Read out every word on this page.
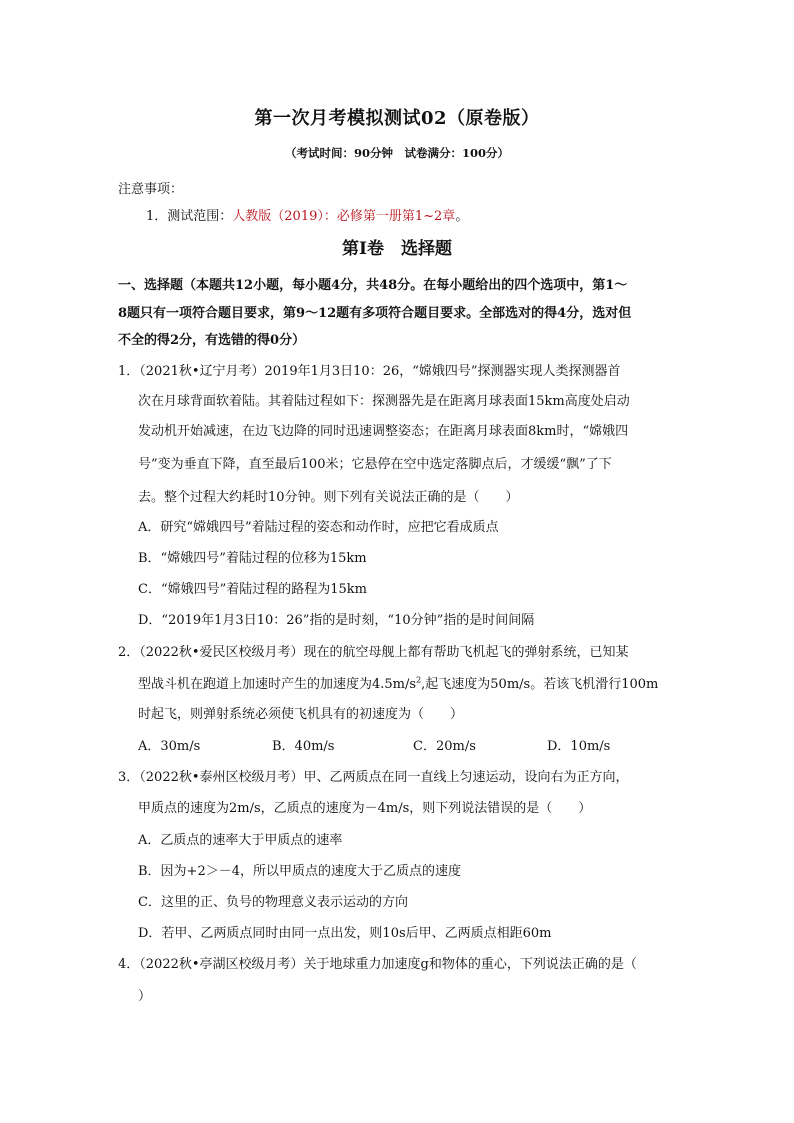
第一次月考模拟测试02（原卷版）
（考试时间：90分钟　试卷满分：100分）
注意事项：
1．测试范围：人教版（2019）：必修第一册第1~2章。
第Ⅰ卷　选择题
一、选择题（本题共12小题，每小题4分，共48分。在每小题给出的四个选项中，第1～
8题只有一项符合题目要求，第9～12题有多项符合题目要求。全部选对的得4分，选对但
不全的得2分，有选错的得0分）
1．（2021秋•辽宁月考）2019年1月3日10：26，“嫦娥四号”探测器实现人类探测器首
次在月球背面软着陆。其着陆过程如下：探测器先是在距离月球表面15km高度处启动
发动机开始减速，在边飞边降的同时迅速调整姿态；在距离月球表面8km时，“嫦娥四
号”变为垂直下降，直至最后100米；它悬停在空中选定落脚点后，才缓缓“飘”了下
去。整个过程大约耗时10分钟。则下列有关说法正确的是（　　）
A．研究“嫦娥四号”着陆过程的姿态和动作时，应把它看成质点
B．“嫦娥四号”着陆过程的位移为15km
C．“嫦娥四号”着陆过程的路程为15km
D．“2019年1月3日10：26”指的是时刻，“10分钟”指的是时间间隔
2．（2022秋•爱民区校级月考）现在的航空母舰上都有帮助飞机起飞的弹射系统，已知某
型战斗机在跑道上加速时产生的加速度为$4.5m/s^2$,起飞速度为50m/s。若该飞机滑行100m
时起飞，则弹射系统必须使飞机具有的初速度为（　　）
A．30m/s	B．40m/s	C．20m/s	D．10m/s
3．（2022秋•泰州区校级月考）甲、乙两质点在同一直线上匀速运动，设向右为正方向，
甲质点的速度为2m/s，乙质点的速度为－4m/s，则下列说法错误的是（　　）
A．乙质点的速率大于甲质点的速率
B．因为+2＞－4，所以甲质点的速度大于乙质点的速度
C．这里的正、负号的物理意义表示运动的方向
D．若甲、乙两质点同时由同一点出发，则10s后甲、乙两质点相距60m
4．（2022秋•亭湖区校级月考）关于地球重力加速度g和物体的重心，下列说法正确的是（
）
